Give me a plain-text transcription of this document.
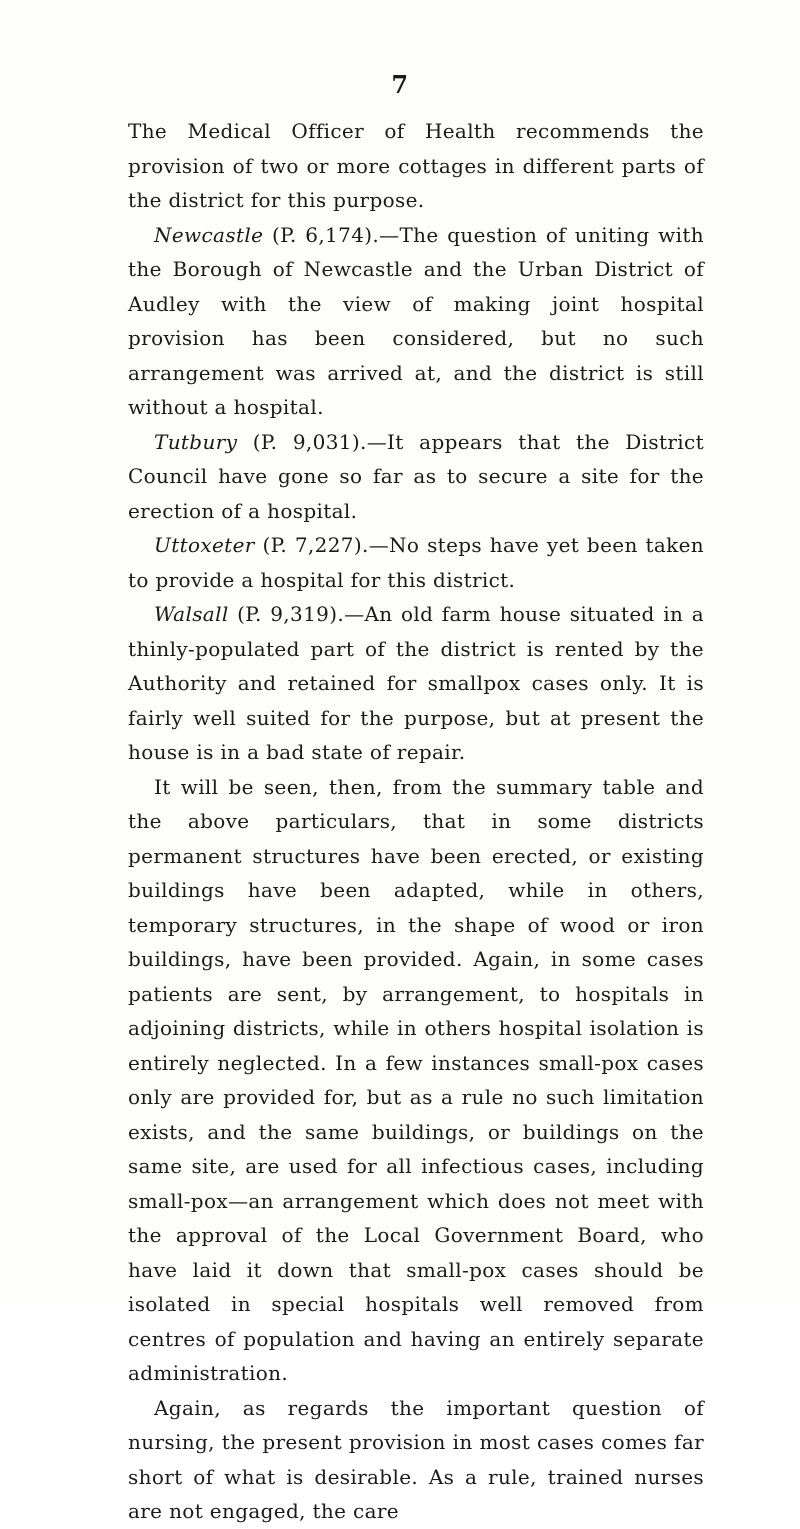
7

The Medical Officer of Health recommends the provision of two or more cottages in different parts of the district for this purpose.

Newcastle (P. 6,174).—The question of uniting with the Borough of Newcastle and the Urban District of Audley with the view of making joint hospital provision has been considered, but no such arrangement was arrived at, and the district is still without a hospital.

Tutbury (P. 9,031).—It appears that the District Council have gone so far as to secure a site for the erection of a hospital.

Uttoxeter (P. 7,227).—No steps have yet been taken to provide a hospital for this district.

Walsall (P. 9,319).—An old farm house situated in a thinly-populated part of the district is rented by the Authority and retained for smallpox cases only. It is fairly well suited for the purpose, but at present the house is in a bad state of repair.

It will be seen, then, from the summary table and the above particulars, that in some districts permanent structures have been erected, or existing buildings have been adapted, while in others, temporary structures, in the shape of wood or iron buildings, have been provided. Again, in some cases patients are sent, by arrangement, to hospitals in adjoining districts, while in others hospital isolation is entirely neglected. In a few instances small-pox cases only are provided for, but as a rule no such limitation exists, and the same buildings, or buildings on the same site, are used for all infectious cases, including small-pox—an arrangement which does not meet with the approval of the Local Government Board, who have laid it down that small-pox cases should be isolated in special hospitals well removed from centres of population and having an entirely separate administration.

Again, as regards the important question of nursing, the present provision in most cases comes far short of what is desirable. As a rule, trained nurses are not engaged, the care
